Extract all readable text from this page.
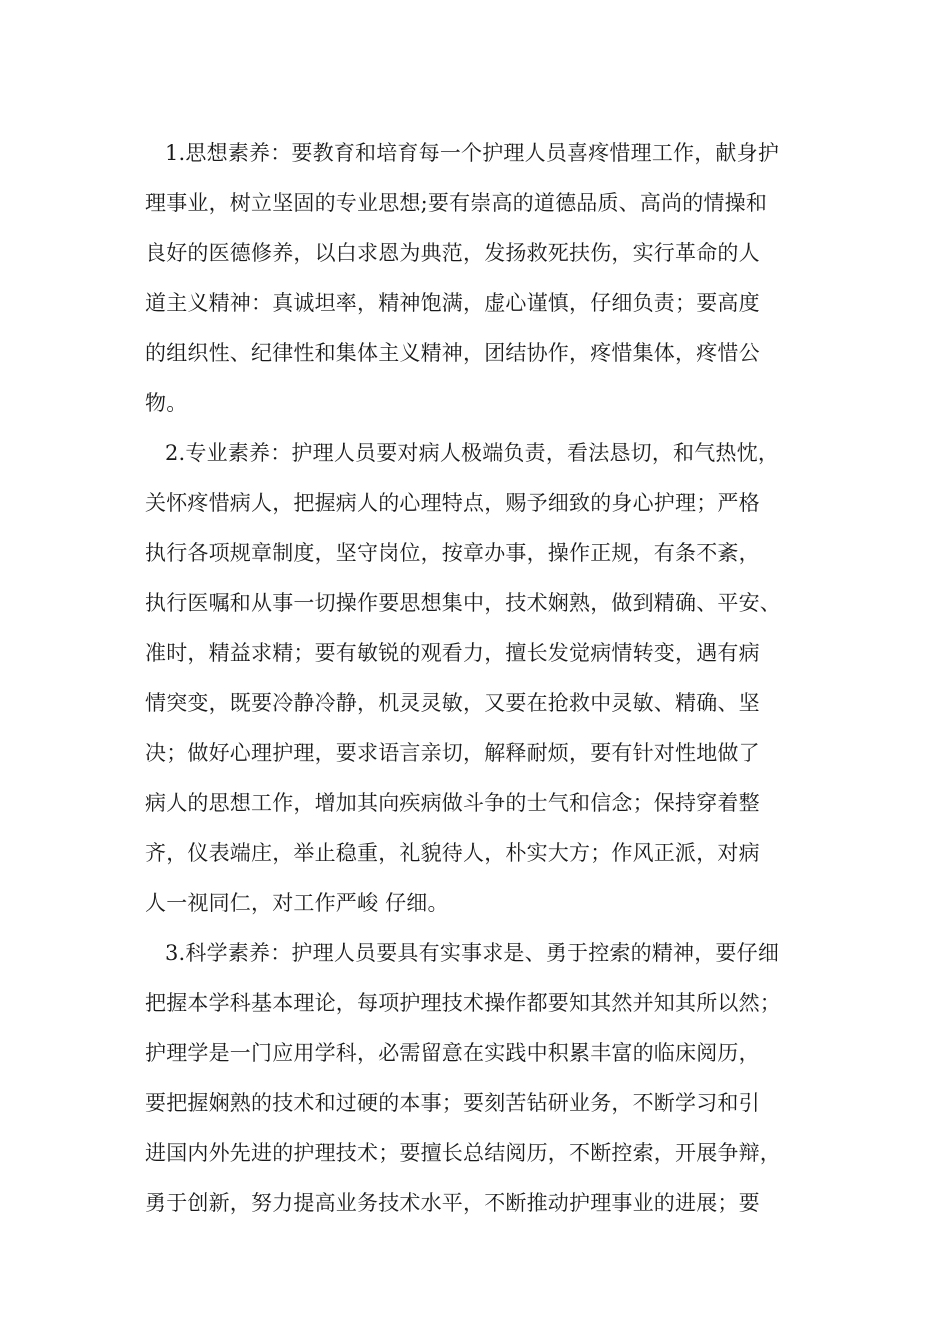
1.思想素养：要教育和培育每一个护理人员喜疼惜理工作，献身护
理事业，树立坚固的专业思想;要有崇高的道德品质、高尚的情操和
良好的医德修养，以白求恩为典范，发扬救死扶伤，实行革命的人
道主义精神：真诚坦率，精神饱满，虚心谨慎，仔细负责；要高度
的组织性、纪律性和集体主义精神，团结协作，疼惜集体，疼惜公
物。
2.专业素养：护理人员要对病人极端负责，看法恳切，和气热忱，
关怀疼惜病人，把握病人的心理特点，赐予细致的身心护理；严格
执行各项规章制度，坚守岗位，按章办事，操作正规，有条不紊，
执行医嘱和从事一切操作要思想集中，技术娴熟，做到精确、平安、
准时，精益求精；要有敏锐的观看力，擅长发觉病情转变，遇有病
情突变，既要冷静冷静，机灵灵敏，又要在抢救中灵敏、精确、坚
决；做好心理护理，要求语言亲切，解释耐烦，要有针对性地做了
病人的思想工作，增加其向疾病做斗争的士气和信念；保持穿着整
齐，仪表端庄，举止稳重，礼貌待人，朴实大方；作风正派，对病
人一视同仁，对工作严峻 仔细。
3.科学素养：护理人员要具有实事求是、勇于控索的精神，要仔细
把握本学科基本理论，每项护理技术操作都要知其然并知其所以然；
护理学是一门应用学科，必需留意在实践中积累丰富的临床阅历，
要把握娴熟的技术和过硬的本事；要刻苦钻研业务，不断学习和引
进国内外先进的护理技术；要擅长总结阅历，不断控索，开展争辩，
勇于创新，努力提高业务技术水平，不断推动护理事业的进展；要
